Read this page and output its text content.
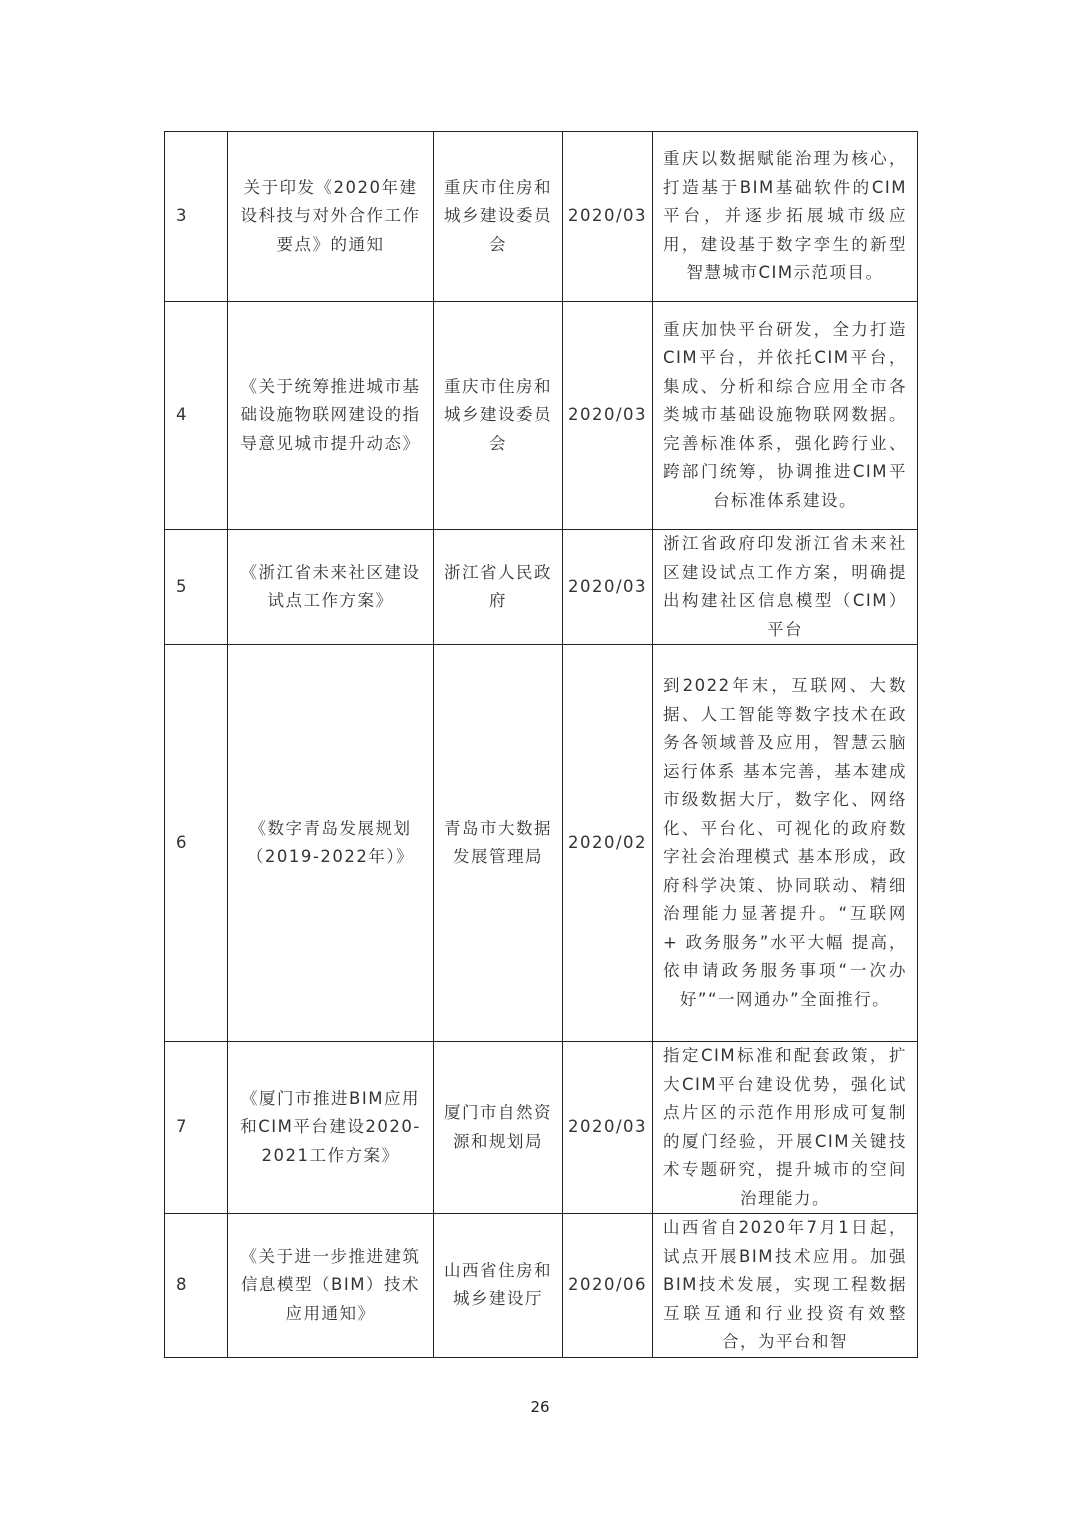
3	关于印发《2020年建设科技与对外合作工作要点》的通知	重庆市住房和城乡建设委员会	2020/03	重庆以数据赋能治理为核心，打造基于BIM基础软件的CIM平台，并逐步拓展城市级应用，建设基于数字孪生的新型智慧城市CIM示范项目。

4	《关于统筹推进城市基础设施物联网建设的指导意见城市提升动态》	重庆市住房和城乡建设委员会	2020/03	重庆加快平台研发，全力打造CIM平台，并依托CIM平台，集成、分析和综合应用全市各类城市基础设施物联网数据。完善标准体系，强化跨行业、跨部门统筹，协调推进CIM平台标准体系建设。

5	《浙江省未来社区建设试点工作方案》	浙江省人民政府	2020/03	浙江省政府印发浙江省未来社区建设试点工作方案，明确提出构建社区信息模型（CIM）平台

6	《数字青岛发展规划（2019-2022年）》	青岛市大数据发展管理局	2020/02	到2022年末，互联网、大数据、人工智能等数字技术在政务各领域普及应用，智慧云脑运行体系 基本完善，基本建成市级数据大厅，数字化、网络化、平台化、可视化的政府数字社会治理模式 基本形成，政府科学决策、协同联动、精细治理能力显著提升。“互联网 + 政务服务”水平大幅 提高，依申请政务服务事项“一次办好”“一网通办”全面推行。

7	《厦门市推进BIM应用和CIM平台建设2020-2021工作方案》	厦门市自然资源和规划局	2020/03	指定CIM标准和配套政策，扩大CIM平台建设优势，强化试点片区的示范作用形成可复制的厦门经验，开展CIM关键技术专题研究，提升城市的空间治理能力。

8	《关于进一步推进建筑信息模型（BIM）技术应用通知》	山西省住房和城乡建设厅	2020/06	山西省自2020年7月1日起，试点开展BIM技术应用。加强BIM技术发展，实现工程数据互联互通和行业投资有效整合，为平台和智
26
